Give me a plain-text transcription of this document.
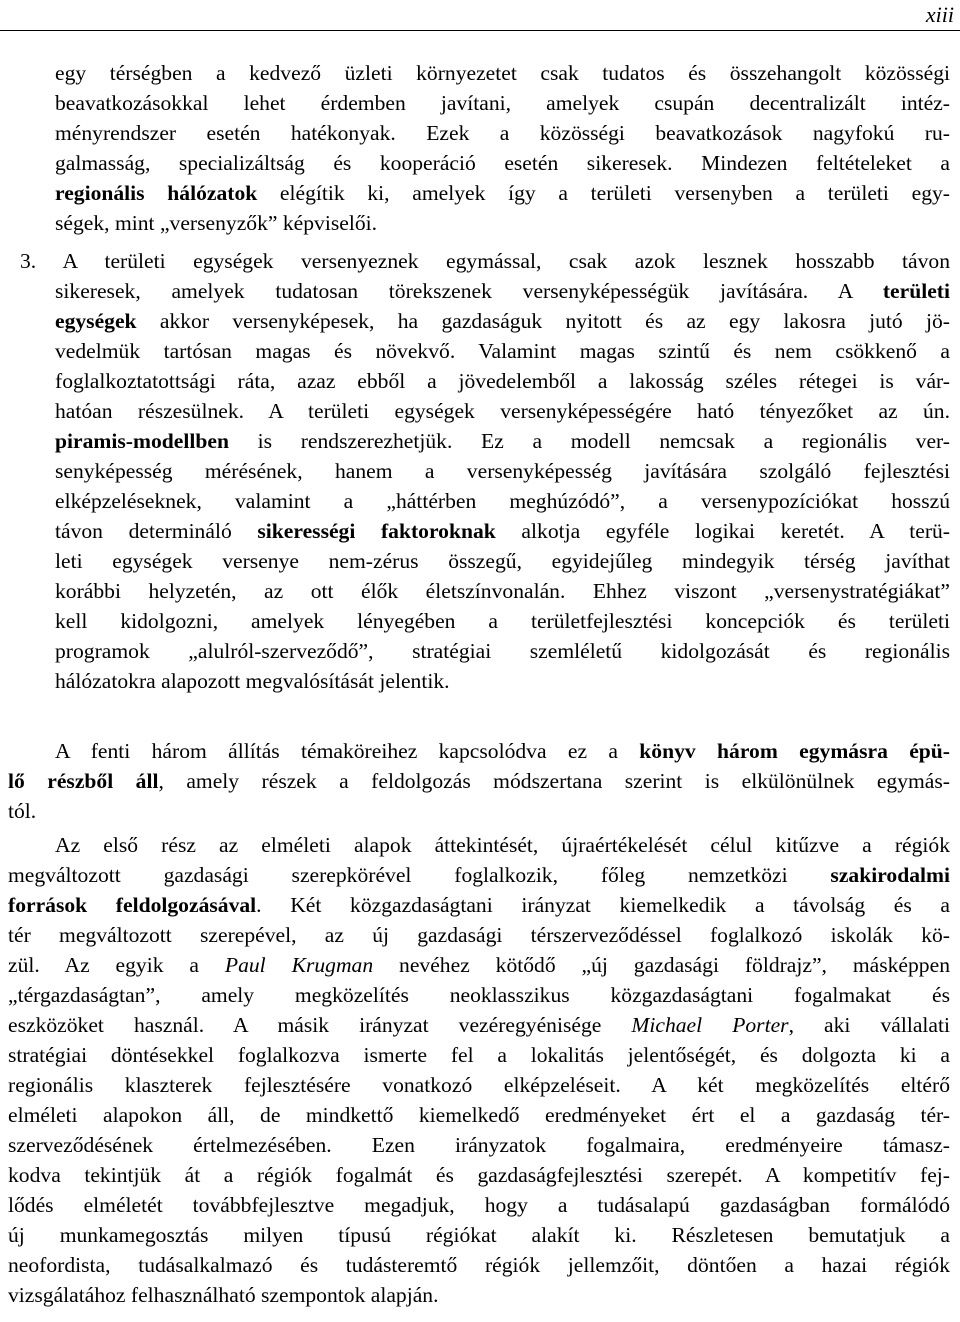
xiii
egy térségben a kedvező üzleti környezetet csak tudatos és összehangolt közösségi
beavatkozásokkal lehet érdemben javítani, amelyek csupán decentralizált intéz-
ményrendszer esetén hatékonyak. Ezek a közösségi beavatkozások nagyfokú ru-
galmasság, specializáltság és kooperáció esetén sikeresek. Mindezen feltételeket a
regionális hálózatok elégítik ki, amelyek így a területi versenyben a területi egy-
ségek, mint „versenyzők” képviselői.
3. A területi egységek versenyeznek egymással, csak azok lesznek hosszabb távon
sikeresek, amelyek tudatosan törekszenek versenyképességük javítására. A területi
egységek akkor versenyképesek, ha gazdaságuk nyitott és az egy lakosra jutó jö-
vedelmük tartósan magas és növekvő. Valamint magas szintű és nem csökkenő a
foglalkoztatottsági ráta, azaz ebből a jövedelemből a lakosság széles rétegei is vár-
hatóan részesülnek. A területi egységek versenyképességére ható tényezőket az ún.
piramis-modellben is rendszerezhetjük. Ez a modell nemcsak a regionális ver-
senyképesség mérésének, hanem a versenyképesség javítására szolgáló fejlesztési
elképzeléseknek, valamint a „háttérben meghúzódó”, a versenypozíciókat hosszú
távon determináló sikerességi faktoroknak alkotja egyféle logikai keretét. A terü-
leti egységek versenye nem-zérus összegű, egyidejűleg mindegyik térség javíthat
korábbi helyzetén, az ott élők életszínvonalán. Ehhez viszont „versenystratégiákat”
kell kidolgozni, amelyek lényegében a területfejlesztési koncepciók és területi
programok „alulról-szerveződő”, stratégiai szemléletű kidolgozását és regionális
hálózatokra alapozott megvalósítását jelentik.
A fenti három állítás témaköreihez kapcsolódva ez a könyv három egymásra épü-
lő részből áll, amely részek a feldolgozás módszertana szerint is elkülönülnek egymás-
tól.
Az első rész az elméleti alapok áttekintését, újraértékelését célul kitűzve a régiók
megváltozott gazdasági szerepkörével foglalkozik, főleg nemzetközi szakirodalmi
források feldolgozásával. Két közgazdaságtani irányzat kiemelkedik a távolság és a
tér megváltozott szerepével, az új gazdasági térszerveződéssel foglalkozó iskolák kö-
zül. Az egyik a Paul Krugman nevéhez kötődő „új gazdasági földrajz”, másképpen
„térgazdaságtan”, amely megközelítés neoklasszikus közgazdaságtani fogalmakat és
eszközöket használ. A másik irányzat vezéregyénisége Michael Porter, aki vállalati
stratégiai döntésekkel foglalkozva ismerte fel a lokalitás jelentőségét, és dolgozta ki a
regionális klaszterek fejlesztésére vonatkozó elképzeléseit. A két megközelítés eltérő
elméleti alapokon áll, de mindkettő kiemelkedő eredményeket ért el a gazdaság tér-
szerveződésének értelmezésében. Ezen irányzatok fogalmaira, eredményeire támasz-
kodva tekintjük át a régiók fogalmát és gazdaságfejlesztési szerepét. A kompetitív fej-
lődés elméletét továbbfejlesztve megadjuk, hogy a tudásalapú gazdaságban formálódó
új munkamegosztás milyen típusú régiókat alakít ki. Részletesen bemutatjuk a
neofordista, tudásalkalmazó és tudásteremtő régiók jellemzőit, döntően a hazai régiók
vizsgálatához felhasználható szempontok alapján.
